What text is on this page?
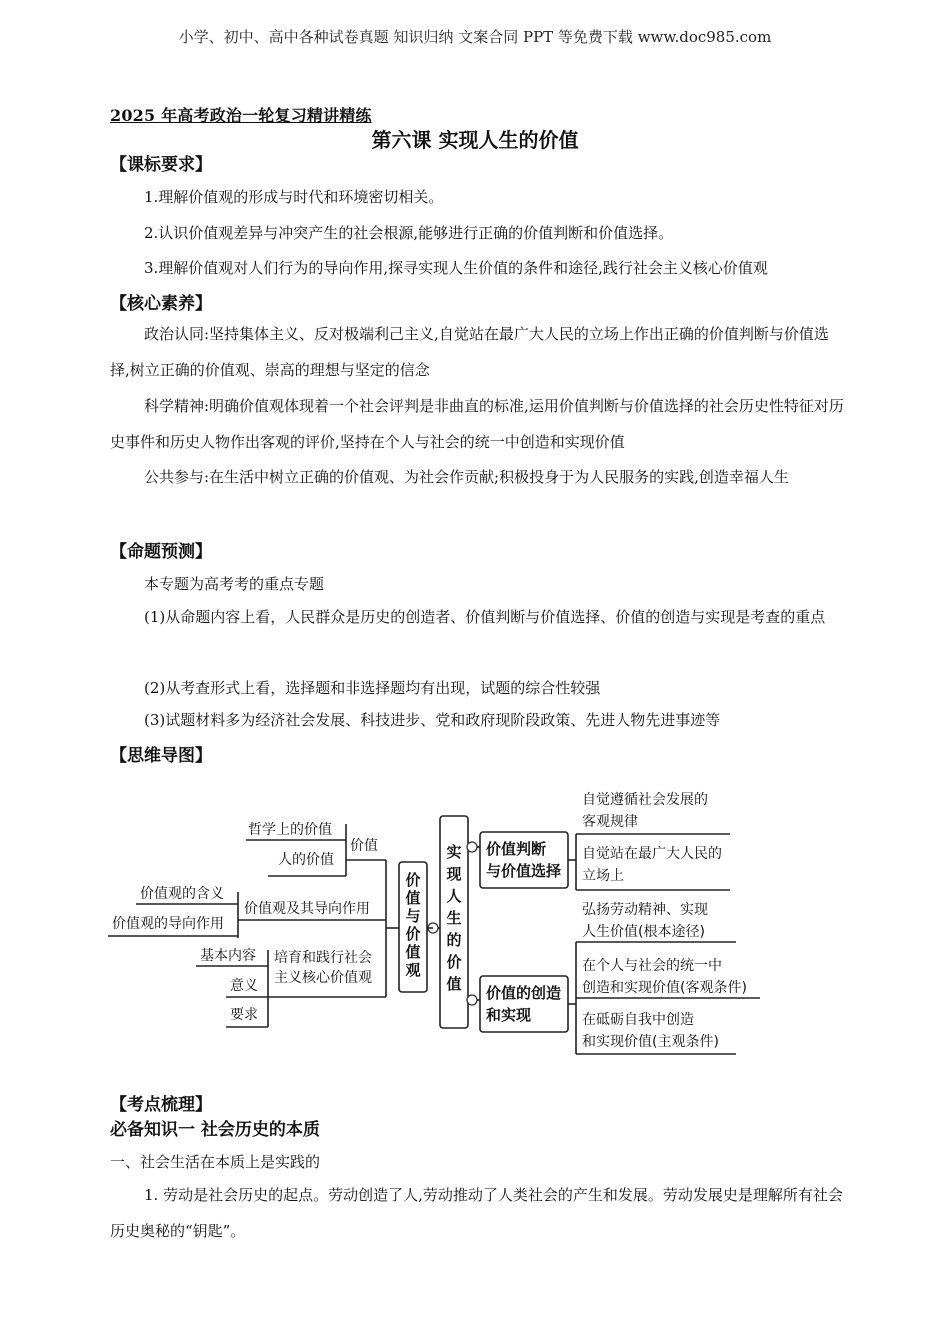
小学、初中、高中各种试卷真题 知识归纳 文案合同 PPT 等免费下载 www.doc985.com
2025 年高考政治一轮复习精讲精练
第六课 实现人生的价值
【课标要求】
1.理解价值观的形成与时代和环境密切相关。
2.认识价值观差异与冲突产生的社会根源,能够进行正确的价值判断和价值选择。
3.理解价值观对人们行为的导向作用,探寻实现人生价值的条件和途径,践行社会主义核心价值观
【核心素养】
政治认同:坚持集体主义、反对极端利己主义,自觉站在最广大人民的立场上作出正确的价值判断与价值选择,树立正确的价值观、崇高的理想与坚定的信念
科学精神:明确价值观体现着一个社会评判是非曲直的标准,运用价值判断与价值选择的社会历史性特征对历史事件和历史人物作出客观的评价,坚持在个人与社会的统一中创造和实现价值
公共参与:在生活中树立正确的价值观、为社会作贡献;积极投身于为人民服务的实践,创造幸福人生
【命题预测】
本专题为高考考的重点专题
(1)从命题内容上看，人民群众是历史的创造者、价值判断与价值选择、价值的创造与实现是考查的重点
(2)从考查形式上看，选择题和非选择题均有出现，试题的综合性较强
(3)试题材料多为经济社会发展、科技进步、党和政府现阶段政策、先进人物先进事迹等
【思维导图】
实
现
人
生
的
价
值
价
值
与
价
值
观
价值
哲学上的价值
人的价值
价值观及其导向作用
价值观的含义
价值观的导向作用
培育和践行社会
主义核心价值观
基本内容
意义
要求
价值判断
与价值选择
自觉遵循社会发展的
客观规律
自觉站在最广大人民的
立场上
价值的创造
和实现
弘扬劳动精神、实现
人生价值(根本途径)
在个人与社会的统一中
创造和实现价值(客观条件)
在砥砺自我中创造
和实现价值(主观条件)
【考点梳理】
必备知识一 社会历史的本质
一、社会生活在本质上是实践的
1. 劳动是社会历史的起点。劳动创造了人,劳动推动了人类社会的产生和发展。劳动发展史是理解所有社会历史奥秘的“钥匙”。
